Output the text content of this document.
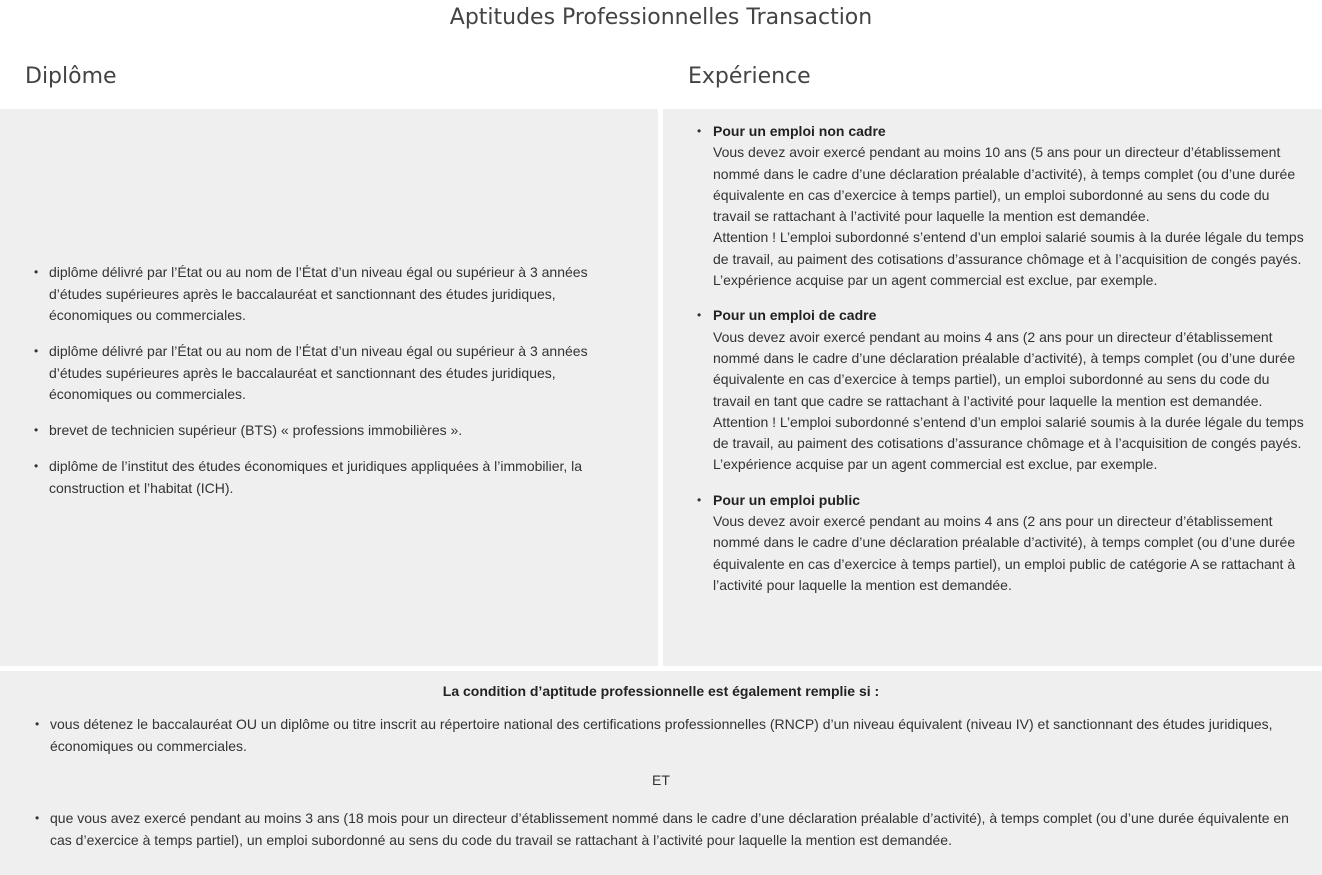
Aptitudes Professionnelles Transaction
Diplôme	Expérience
• diplôme délivré par l’État ou au nom de l’État d’un niveau égal ou supérieur à 3 années d’études supérieures après le baccalauréat et sanctionnant des études juridiques, économiques ou commerciales.
• diplôme délivré par l’État ou au nom de l’État d’un niveau égal ou supérieur à 3 années d’études supérieures après le baccalauréat et sanctionnant des études juridiques, économiques ou commerciales.
• brevet de technicien supérieur (BTS) « professions immobilières ».
• diplôme de l’institut des études économiques et juridiques appliquées à l’immobilier, la construction et l’habitat (ICH).
• Pour un emploi non cadre
Vous devez avoir exercé pendant au moins 10 ans (5 ans pour un directeur d’établissement nommé dans le cadre d’une déclaration préalable d’activité), à temps complet (ou d’une durée équivalente en cas d’exercice à temps partiel), un emploi subordonné au sens du code du travail se rattachant à l’activité pour laquelle la mention est demandée.
Attention ! L’emploi subordonné s’entend d’un emploi salarié soumis à la durée légale du temps de travail, au paiment des cotisations d’assurance chômage et à l’acquisition de congés payés. L’expérience acquise par un agent commercial est exclue, par exemple.
• Pour un emploi de cadre
Vous devez avoir exercé pendant au moins 4 ans (2 ans pour un directeur d’établissement nommé dans le cadre d’une déclaration préalable d’activité), à temps complet (ou d’une durée équivalente en cas d’exercice à temps partiel), un emploi subordonné au sens du code du travail en tant que cadre se rattachant à l’activité pour laquelle la mention est demandée.
Attention ! L’emploi subordonné s’entend d’un emploi salarié soumis à la durée légale du temps de travail, au paiment des cotisations d’assurance chômage et à l’acquisition de congés payés. L’expérience acquise par un agent commercial est exclue, par exemple.
• Pour un emploi public
Vous devez avoir exercé pendant au moins 4 ans (2 ans pour un directeur d’établissement nommé dans le cadre d’une déclaration préalable d’activité), à temps complet (ou d’une durée équivalente en cas d’exercice à temps partiel), un emploi public de catégorie A se rattachant à l’activité pour laquelle la mention est demandée.
La condition d’aptitude professionnelle est également remplie si :
• vous détenez le baccalauréat OU un diplôme ou titre inscrit au répertoire national des certifications professionnelles (RNCP) d’un niveau équivalent (niveau IV) et sanctionnant des études juridiques, économiques ou commerciales.
ET
• que vous avez exercé pendant au moins 3 ans (18 mois pour un directeur d’établissement nommé dans le cadre d’une déclaration préalable d’activité), à temps complet (ou d’une durée équivalente en cas d’exercice à temps partiel), un emploi subordonné au sens du code du travail se rattachant à l’activité pour laquelle la mention est demandée.
